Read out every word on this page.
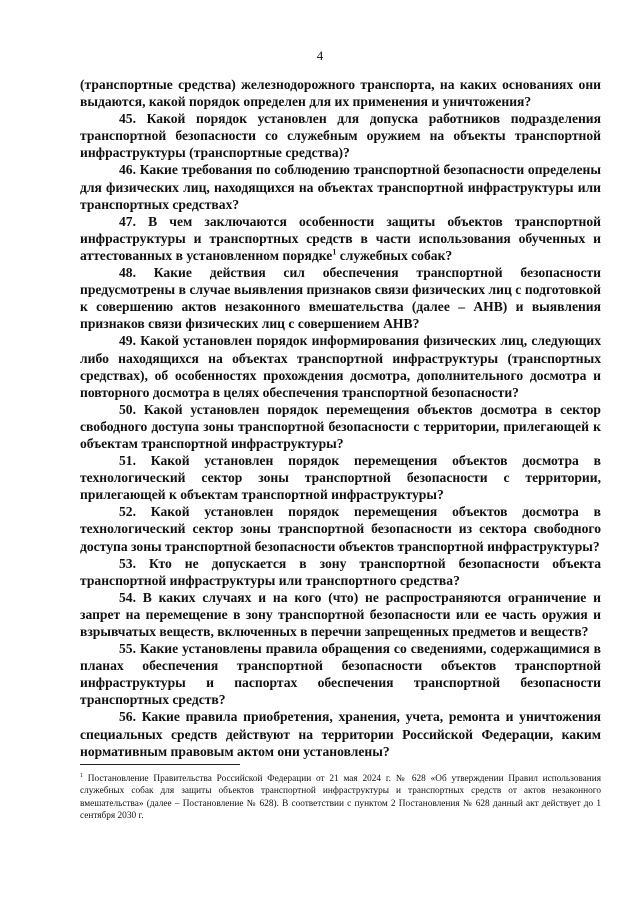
4

(транспортные средства) железнодорожного транспорта, на каких основаниях они выдаются, какой порядок определен для их применения и уничтожения?

45. Какой порядок установлен для допуска работников подразделения транспортной безопасности со служебным оружием на объекты транспортной инфраструктуры (транспортные средства)?

46. Какие требования по соблюдению транспортной безопасности определены для физических лиц, находящихся на объектах транспортной инфраструктуры или транспортных средствах?

47. В чем заключаются особенности защиты объектов транспортной инфраструктуры и транспортных средств в части использования обученных и аттестованных в установленном порядке$^1$ служебных собак?

48. Какие действия сил обеспечения транспортной безопасности предусмотрены в случае выявления признаков связи физических лиц с подготовкой к совершению актов незаконного вмешательства (далее – АНВ) и выявления признаков связи физических лиц с совершением АНВ?

49. Какой установлен порядок информирования физических лиц, следующих либо находящихся на объектах транспортной инфраструктуры (транспортных средствах), об особенностях прохождения досмотра, дополнительного досмотра и повторного досмотра в целях обеспечения транспортной безопасности?

50. Какой установлен порядок перемещения объектов досмотра в сектор свободного доступа зоны транспортной безопасности с территории, прилегающей к объектам транспортной инфраструктуры?

51. Какой установлен порядок перемещения объектов досмотра в технологический сектор зоны транспортной безопасности с территории, прилегающей к объектам транспортной инфраструктуры?

52. Какой установлен порядок перемещения объектов досмотра в технологический сектор зоны транспортной безопасности из сектора свободного доступа зоны транспортной безопасности объектов транспортной инфраструктуры?

53. Кто не допускается в зону транспортной безопасности объекта транспортной инфраструктуры или транспортного средства?

54. В каких случаях и на кого (что) не распространяются ограничение и запрет на перемещение в зону транспортной безопасности или ее часть оружия и взрывчатых веществ, включенных в перечни запрещенных предметов и веществ?

55. Какие установлены правила обращения со сведениями, содержащимися в планах обеспечения транспортной безопасности объектов транспортной инфраструктуры и паспортах обеспечения транспортной безопасности транспортных средств?

56. Какие правила приобретения, хранения, учета, ремонта и уничтожения специальных средств действуют на территории Российской Федерации, каким нормативным правовым актом они установлены?

$^1$ Постановление Правительства Российской Федерации от 21 мая 2024 г. № 628 «Об утверждении Правил использования служебных собак для защиты объектов транспортной инфраструктуры и транспортных средств от актов незаконного вмешательства» (далее – Постановление № 628). В соответствии с пунктом 2 Постановления № 628 данный акт действует до 1 сентября 2030 г.
